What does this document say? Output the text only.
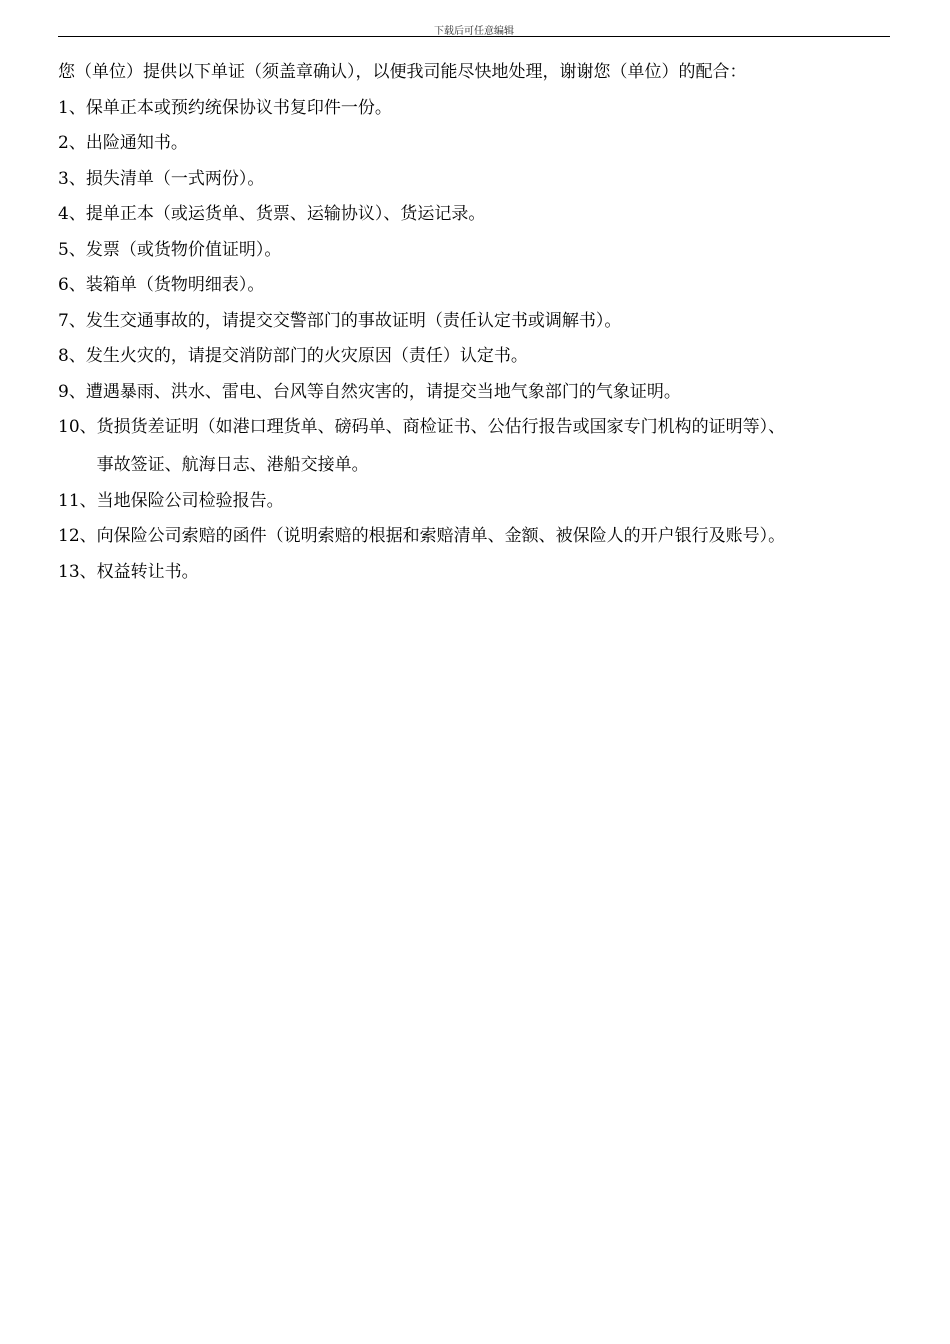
下载后可任意编辑

您（单位）提供以下单证（须盖章确认），以便我司能尽快地处理，谢谢您（单位）的配合：

1、 保单正本或预约统保协议书复印件一份。
2、 出险通知书。
3、 损失清单（一式两份）。
4、 提单正本（或运货单、货票、运输协议）、货运记录。
5、 发票（或货物价值证明）。
6、 装箱单（货物明细表）。
7、 发生交通事故的，请提交交警部门的事故证明（责任认定书或调解书）。
8、 发生火灾的，请提交消防部门的火灾原因（责任）认定书。
9、 遭遇暴雨、洪水、雷电、台风等自然灾害的，请提交当地气象部门的气象证明。
10、 货损货差证明（如港口理货单、磅码单、商检证书、公估行报告或国家专门机构的证明等）、
事故签证、航海日志、港船交接单。
11、 当地保险公司检验报告。
12、 向保险公司索赔的函件（说明索赔的根据和索赔清单、金额、被保险人的开户银行及账号）。
13、 权益转让书。
